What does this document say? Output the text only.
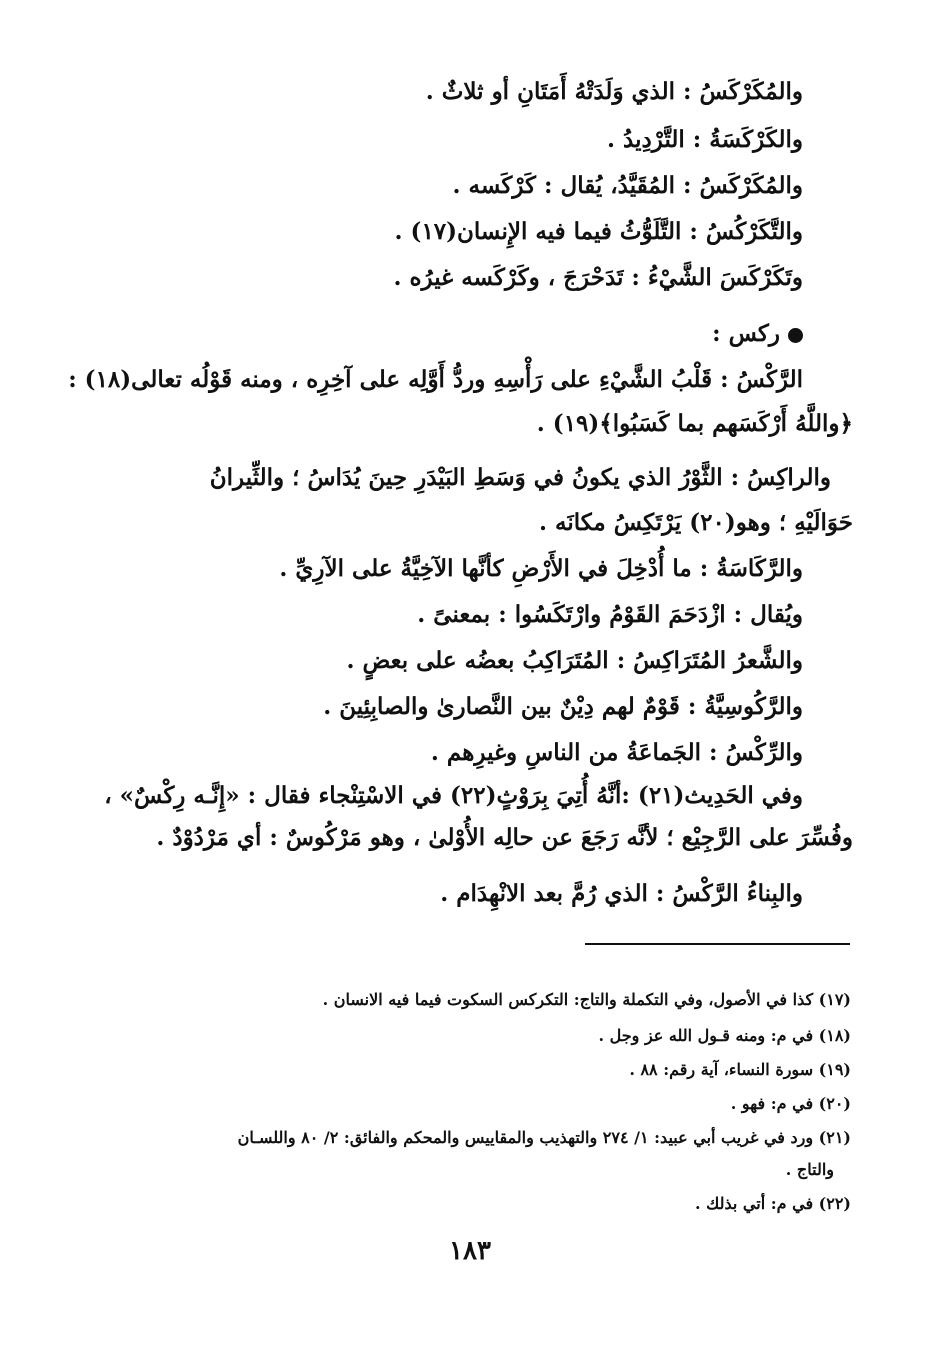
والمُكَرْكَسُ : الذي وَلَدَتْهُ أَمَتَانِ أو ثلاثٌ .
والكَرْكَسَةُ : التَّرْدِيدُ .
والمُكَرْكَسُ : المُقَيَّدُ، يُقال : كَرْكَسه .
والتَّكَرْكُسُ : التَّلَوُّثُ فيما فيه الإِنسان(١٧) .
وتَكَرْكَسَ الشَّيْءُ : تَدَحْرَجَ ، وكَرْكَسه غيرُه .
ركس :
الرَّكْسُ : قَلْبُ الشَّيْءِ على رَأْسِهِ وردُّ أَوَّلِه على آخِرِه ، ومنه قَوْلُه تعالى(١٨) :
﴿واللَّهُ أَرْكَسَهم بما كَسَبُوا﴾(١٩) .
والراكِسُ : الثَّوْرُ الذي يكونُ في وَسَطِ البَيْدَرِ حِينَ يُدَاسُ ؛ والثِّيرانُ
حَوَالَيْهِ ؛ وهو(٢٠) يَرْتَكِسُ مكانَه .
والرَّكَاسَةُ : ما أُدْخِلَ في الأَرْضِ كأنَّها الآخِيَّةُ على الآرِيِّ .
ويُقال : ازْدَحَمَ القَوْمُ وارْتَكَسُوا : بمعنىً .
والشَّعرُ المُتَرَاكِسُ : المُتَرَاكِبُ بعضُه على بعضٍ .
والرَّكُوسِيَّةُ : قَوْمٌ لهم دِيْنٌ بين النَّصارىٰ والصابِئِينَ .
والرِّكْسُ : الجَماعَةُ من الناسِ وغيرِهم .
وفي الحَدِيث(٢١) :أنَّهُ أُتِيَ بِرَوْثٍ(٢٢) في الاسْتِنْجاء فقال : «إِنَّـه رِكْسٌ» ،
وفُسِّرَ على الرَّجِيْع ؛ لأنَّه رَجَعَ عن حالِه الأُوْلىٰ ، وهو مَرْكُوسٌ : أي مَرْدُوْدٌ .
والبِناءُ الرَّكْسُ : الذي رُمَّ بعد الانْهِدَام .
(١٧) كذا في الأصول، وفي التكملة والتاج: التكركس السكوت فيما فيه الانسان .
(١٨) في م: ومنه قـول الله عز وجل .
(١٩) سورة النساء، آية رقم: ٨٨ .
(٢٠) في م: فهو .
(٢١) ورد في غريب أبي عبيد: ١/ ٢٧٤ والتهذيب والمقاييس والمحكم والفائق: ٢/ ٨٠ واللسـان
والتاج .
(٢٢) في م: أتي بذلك .
١٨٣
